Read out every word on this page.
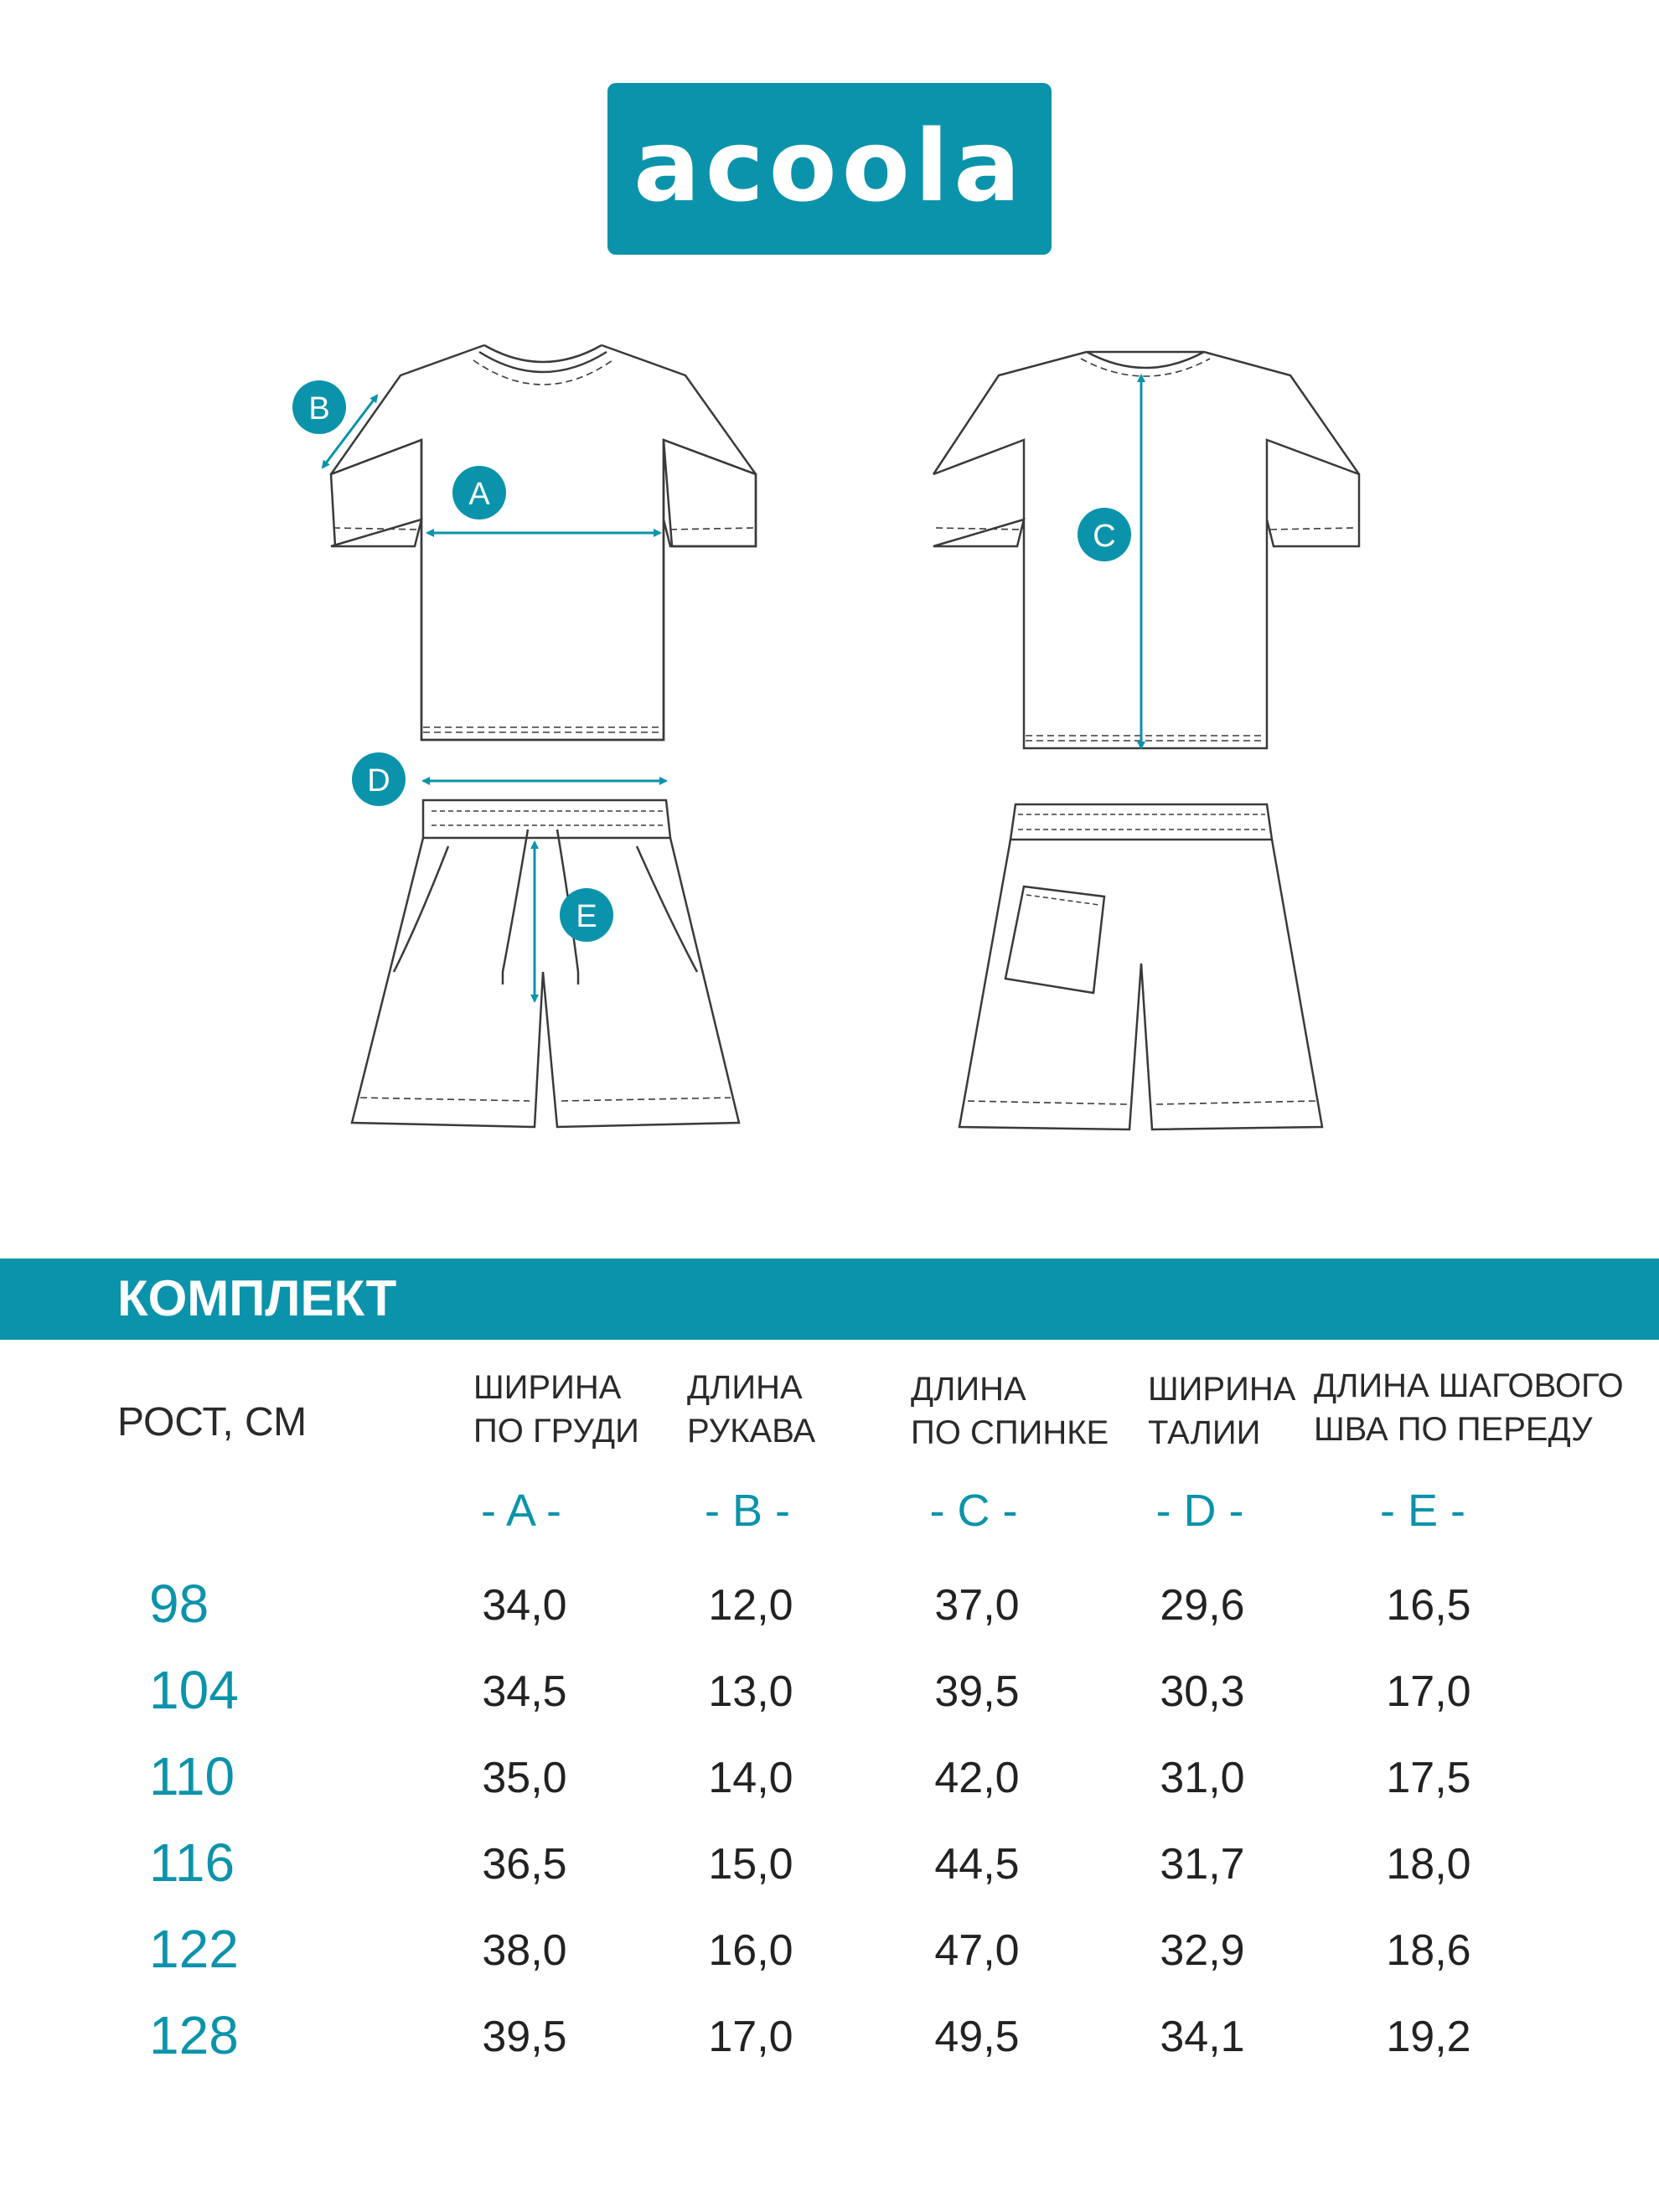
acoola
A
B
C
D
E
КОМПЛЕКТ
РОСТ, СМ
ШИРИНА
ПО ГРУДИ
ДЛИНА
РУКАВА
ДЛИНА
ПО СПИНКЕ
ШИРИНА
ТАЛИИ
ДЛИНА ШАГОВОГО
ШВА ПО ПЕРЕДУ
- A -	- B -	- C -	- D -	- E -
98	34,0	12,0	37,0	29,6	16,5
104	34,5	13,0	39,5	30,3	17,0
110	35,0	14,0	42,0	31,0	17,5
116	36,5	15,0	44,5	31,7	18,0
122	38,0	16,0	47,0	32,9	18,6
128	39,5	17,0	49,5	34,1	19,2
